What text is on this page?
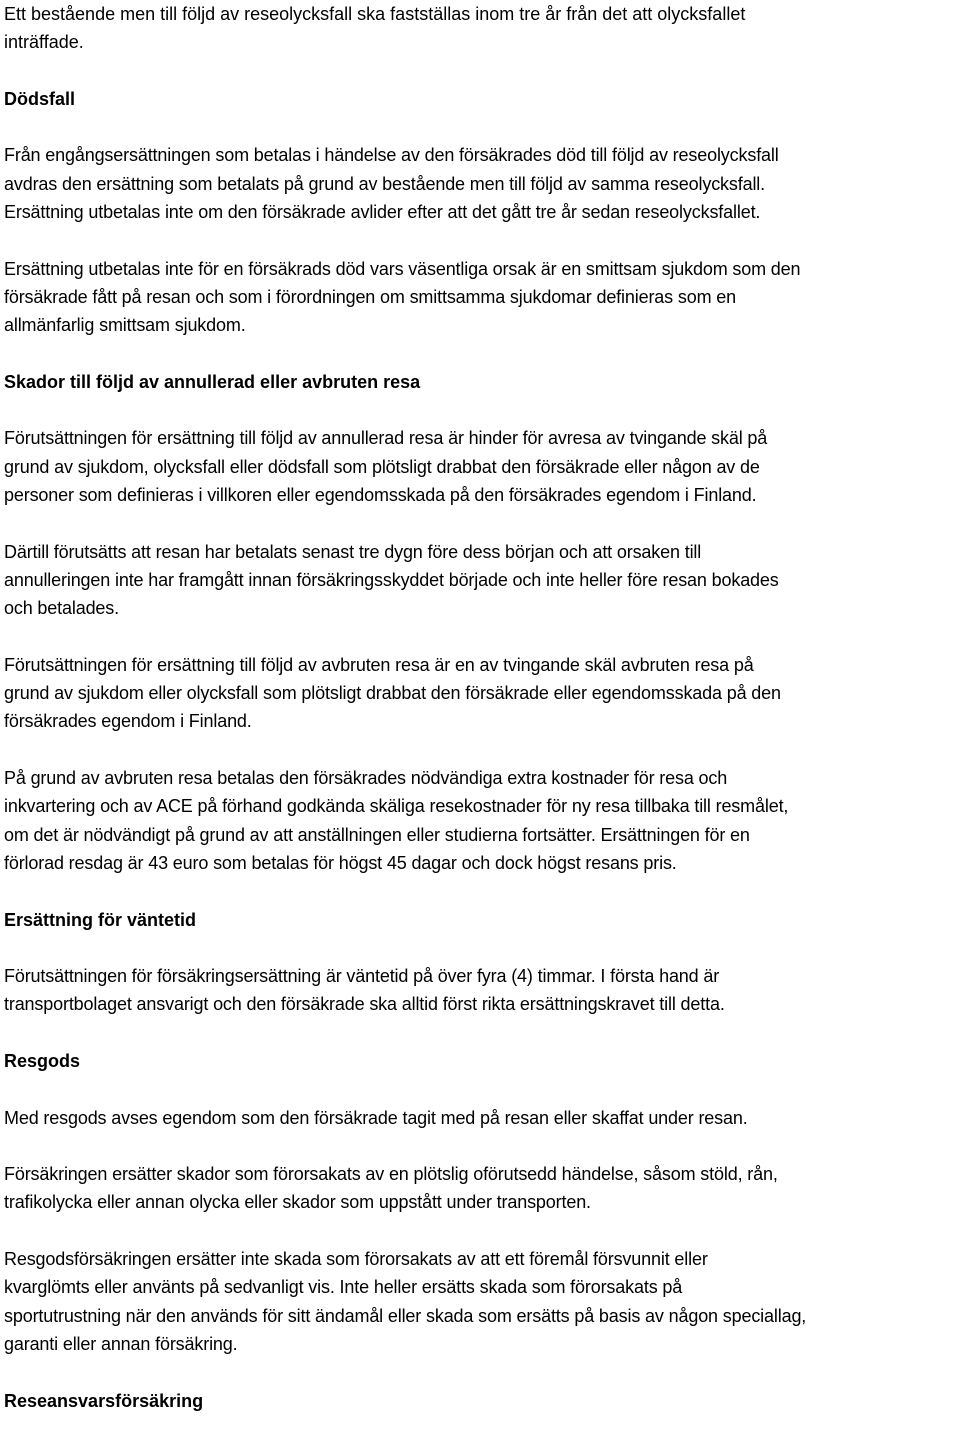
Ett bestående men till följd av reseolycksfall ska fastställas inom tre år från det att olycksfallet
inträffade.

Dödsfall

Från engångsersättningen som betalas i händelse av den försäkrades död till följd av reseolycksfall
avdras den ersättning som betalats på grund av bestående men till följd av samma reseolycksfall.
Ersättning utbetalas inte om den försäkrade avlider efter att det gått tre år sedan reseolycksfallet.

Ersättning utbetalas inte för en försäkrads död vars väsentliga orsak är en smittsam sjukdom som den
försäkrade fått på resan och som i förordningen om smittsamma sjukdomar definieras som en
allmänfarlig smittsam sjukdom.

Skador till följd av annullerad eller avbruten resa

Förutsättningen för ersättning till följd av annullerad resa är hinder för avresa av tvingande skäl på
grund av sjukdom, olycksfall eller dödsfall som plötsligt drabbat den försäkrade eller någon av de
personer som definieras i villkoren eller egendomsskada på den försäkrades egendom i Finland.

Därtill förutsätts att resan har betalats senast tre dygn före dess början och att orsaken till
annulleringen inte har framgått innan försäkringsskyddet började och inte heller före resan bokades
och betalades.

Förutsättningen för ersättning till följd av avbruten resa är en av tvingande skäl avbruten resa på
grund av sjukdom eller olycksfall som plötsligt drabbat den försäkrade eller egendomsskada på den
försäkrades egendom i Finland.

På grund av avbruten resa betalas den försäkrades nödvändiga extra kostnader för resa och
inkvartering och av ACE på förhand godkända skäliga resekostnader för ny resa tillbaka till resmålet,
om det är nödvändigt på grund av att anställningen eller studierna fortsätter. Ersättningen för en
förlorad resdag är 43 euro som betalas för högst 45 dagar och dock högst resans pris.

Ersättning för väntetid

Förutsättningen för försäkringsersättning är väntetid på över fyra (4) timmar. I första hand är
transportbolaget ansvarigt och den försäkrade ska alltid först rikta ersättningskravet till detta.

Resgods

Med resgods avses egendom som den försäkrade tagit med på resan eller skaffat under resan.

Försäkringen ersätter skador som förorsakats av en plötslig oförutsedd händelse, såsom stöld, rån,
trafikolycka eller annan olycka eller skador som uppstått under transporten.

Resgodsförsäkringen ersätter inte skada som förorsakats av att ett föremål försvunnit eller
kvarglömts eller använts på sedvanligt vis. Inte heller ersätts skada som förorsakats på
sportutrustning när den används för sitt ändamål eller skada som ersätts på basis av någon speciallag,
garanti eller annan försäkring.

Reseansvarsförsäkring
